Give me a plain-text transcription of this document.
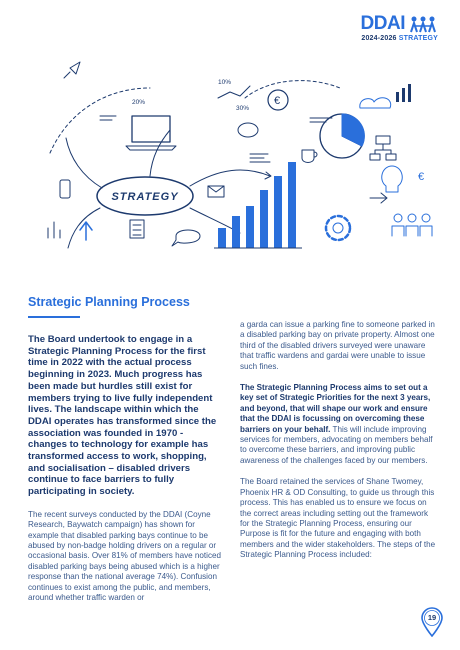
DDAI
2024-2026 STRATEGY
STRATEGY
20%
10%
30%
€
€
Strategic Planning Process
The Board undertook to engage in a Strategic Planning Process for the first time in 2022 with the actual process beginning in 2023. Much progress has been made but hurdles still exist for members trying to live fully independent lives. The landscape within which the DDAI operates has transformed since the association was founded in 1970 - changes to technology for example has transformed access to work, shopping, and socialisation – disabled drivers continue to face barriers to fully participating in society.
The recent surveys conducted by the DDAI (Coyne Research, Baywatch campaign) has shown for example that disabled parking bays continue to be abused by non-badge holding drivers on a regular or occasional basis. Over 81% of members have noticed disabled parking bays being abused which is a higher response than the national average 74%). Confusion continues to exist among the public, and members, around whether traffic warden or
a garda can issue a parking fine to someone parked in a disabled parking bay on private property. Almost one third of the disabled drivers surveyed were unaware that traffic wardens and gardai were unable to issue such fines.
The Strategic Planning Process aims to set out a key set of Strategic Priorities for the next 3 years, and beyond, that will shape our work and ensure that the DDAI is focussing on overcoming these barriers on your behalf. This will include improving services for members, advocating on members behalf to overcome these barriers, and improving public awareness of the challenges faced by our members.
The Board retained the services of Shane Twomey, Phoenix HR & OD Consulting, to guide us through this process. This has enabled us to ensure we focus on the correct areas including setting out the framework for the Strategic Planning Process, ensuring our Purpose is fit for the future and engaging with both members and the wider stakeholders. The steps of the Strategic Planning Process included:
19
